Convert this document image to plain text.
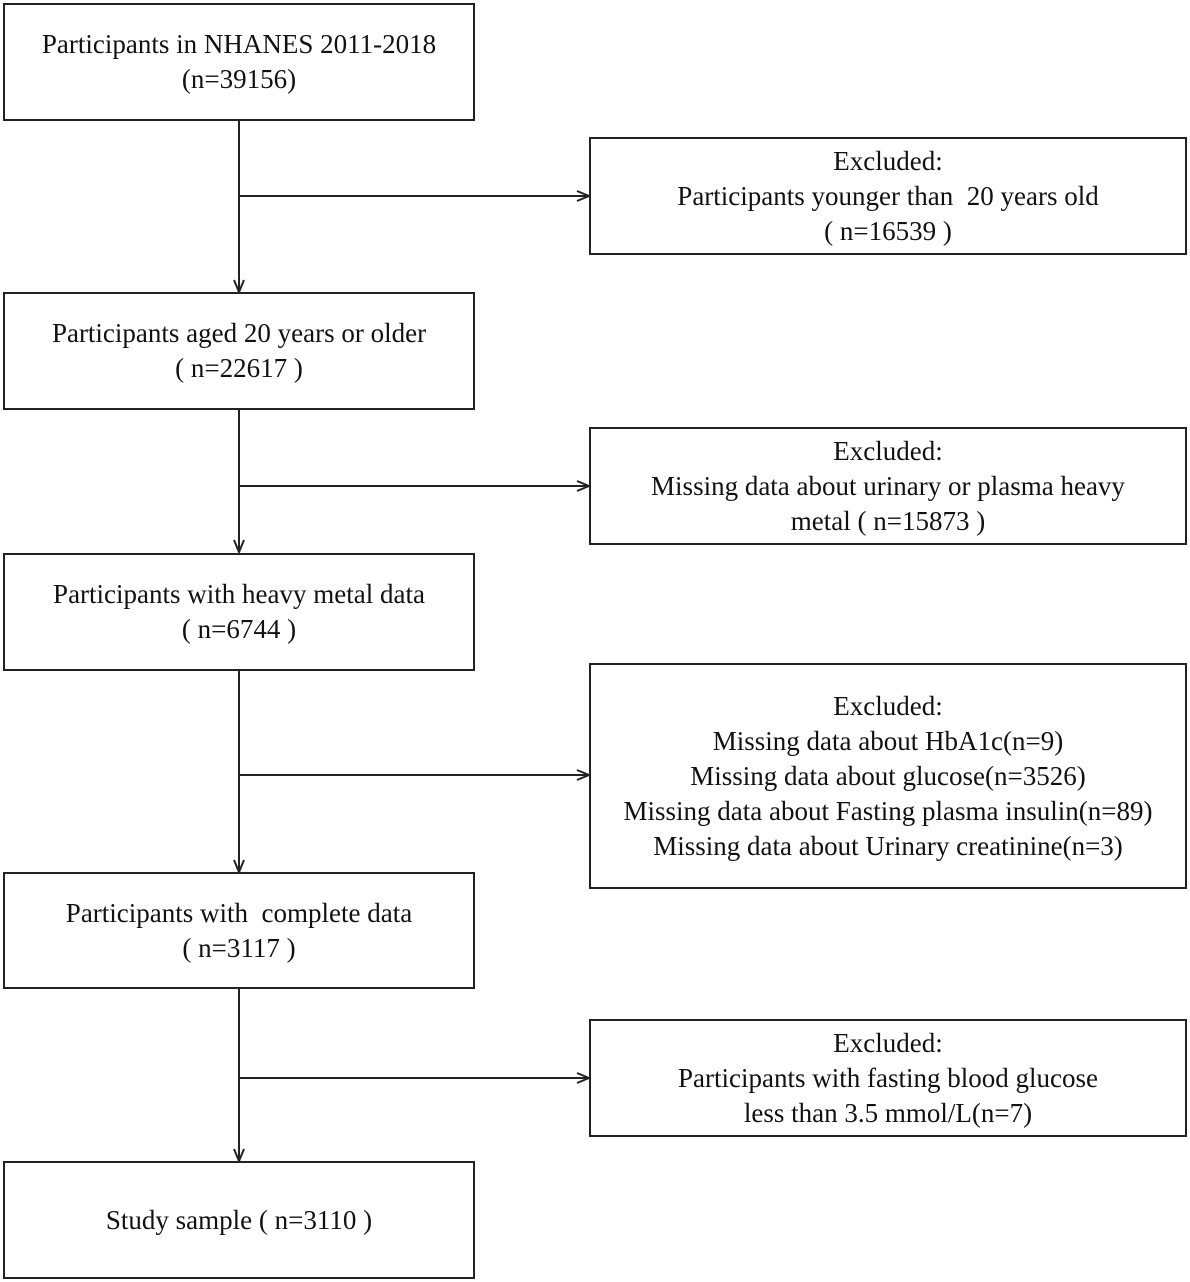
Participants in NHANES 2011-2018
(n=39156)
Participants aged 20 years or older
( n=22617 )
Participants with heavy metal data
( n=6744 )
Participants with  complete data
( n=3117 )
Study sample ( n=3110 )
Excluded:
Participants younger than  20 years old
( n=16539 )
Excluded:
Missing data about urinary or plasma heavy
metal ( n=15873 )
Excluded:
Missing data about HbA1c(n=9)
Missing data about glucose(n=3526)
Missing data about Fasting plasma insulin(n=89)
Missing data about Urinary creatinine(n=3)
Excluded:
Participants with fasting blood glucose
less than 3.5 mmol/L(n=7)
